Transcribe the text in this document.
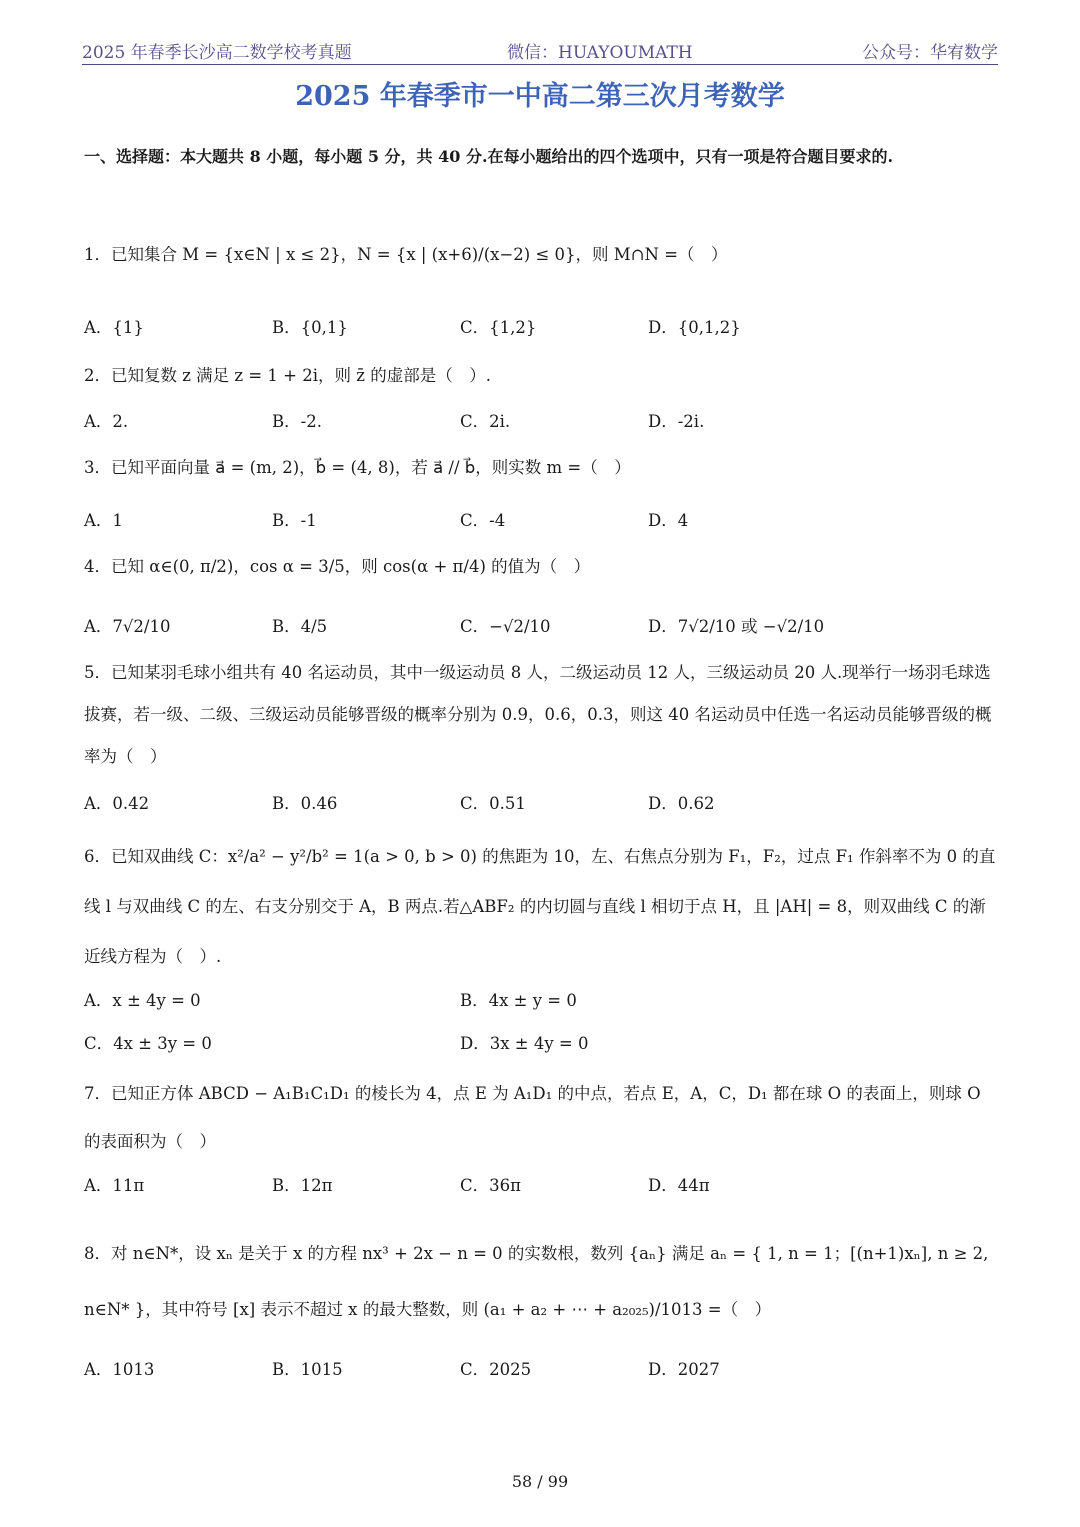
2025 年春季长沙高二数学校考真题	微信：HUAYOUMATH	公众号：华宥数学
2025 年春季市一中高二第三次月考数学
一、选择题：本大题共 8 小题，每小题 5 分，共 40 分.在每小题给出的四个选项中，只有一项是符合题目要求的.
1．已知集合 M = {x∈N | x ≤ 2}，N = {x | (x+6)/(x−2) ≤ 0}，则 M∩N =（　）
A．{1}	B．{0,1}	C．{1,2}	D．{0,1,2}
2．已知复数 z 满足 z = 1 + 2i，则 z̄ 的虚部是（　）.
A．2.	B．-2.	C．2i.	D．-2i.
3．已知平面向量 a⃗ = (m, 2)，b⃗ = (4, 8)，若 a⃗ // b⃗，则实数 m =（　）
A．1	B．-1	C．-4	D．4
4．已知 α∈(0, π/2)，cos α = 3/5，则 cos(α + π/4) 的值为（　）
A．7√2/10	B．4/5	C．−√2/10	D．7√2/10 或 −√2/10
5．已知某羽毛球小组共有 40 名运动员，其中一级运动员 8 人，二级运动员 12 人，三级运动员 20 人.现举行一场羽毛球选拔赛，若一级、二级、三级运动员能够晋级的概率分别为 0.9，0.6，0.3，则这 40 名运动员中任选一名运动员能够晋级的概率为（　）
A．0.42	B．0.46	C．0.51	D．0.62
6．已知双曲线 C：x²/a² − y²/b² = 1(a > 0, b > 0) 的焦距为 10，左、右焦点分别为 F₁，F₂，过点 F₁ 作斜率不为 0 的直线 l 与双曲线 C 的左、右支分别交于 A，B 两点.若△ABF₂ 的内切圆与直线 l 相切于点 H，且 |AH| = 8，则双曲线 C 的渐近线方程为（　）.
A．x ± 4y = 0	B．4x ± y = 0
C．4x ± 3y = 0	D．3x ± 4y = 0
7．已知正方体 ABCD − A₁B₁C₁D₁ 的棱长为 4，点 E 为 A₁D₁ 的中点，若点 E，A，C，D₁ 都在球 O 的表面上，则球 O 的表面积为（　）
A．11π	B．12π	C．36π	D．44π
8．对 n∈N*，设 xₙ 是关于 x 的方程 nx³ + 2x − n = 0 的实数根，数列 {aₙ} 满足 aₙ = { 1, n = 1；[(n+1)xₙ], n ≥ 2, n∈N* }，其中符号 [x] 表示不超过 x 的最大整数，则 (a₁ + a₂ + ⋯ + a₂₀₂₅)/1013 =（　）
A．1013	B．1015	C．2025	D．2027
58 / 99
